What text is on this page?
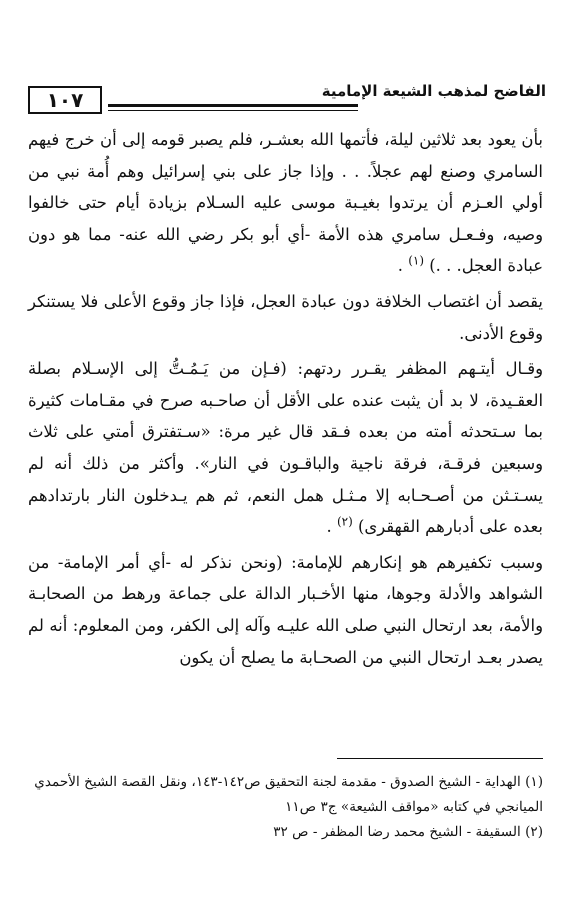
١٠٧	الفاضح لمذهب الشيعة الإمامية

بأن يعود بعد ثلاثين ليلة، فأتمها الله بعشـر، فلم يصبر قومه إلى أن خرج فيهم السامري وصنع لهم عجلاً. . . وإذا جاز على بني إسرائيل وهم أُمة نبي من أولي العـزم أن يرتدوا بغيـبة موسى عليه السـلام بزيادة أيام حتى خالفوا وصيه، وفـعـل سامري هذه الأمة -أي أبو بكر رضي الله عنه- مما هو دون عبادة العجل. . .) $^{(١)}$ .

يقصد أن اغتصاب الخلافة دون عبادة العجل، فإذا جاز وقوع الأعلى فلا يستنكر وقوع الأدنى.

وقـال أيتـهم المظفر يقـرر ردتهم: (فـإن من يَـمُـتُّ إلى الإسـلام بصلة العقـيدة، لا بد أن يثبت عنده على الأقل أن صاحـبه صرح في مقـامات كثيرة بما سـتحدثه أمته من بعده فـقد قال غير مرة: «سـتفترق أمتي على ثلاث وسبعين فرقـة، فرقة ناجية والباقـون في النار». وأكثر من ذلك أنه لم يسـتـثن من أصـحـابه إلا مـثـل همل النعم، ثم هم يـدخلون النار بارتدادهم بعده على أدبارهم القهقرى) $^{(٢)}$ .

وسبب تكفيرهم هو إنكارهم للإمامة: (ونحن نذكر له -أي أمر الإمامة- من الشواهد والأدلة وجوها، منها الأخـبار الدالة على جماعة ورهط من الصحابـة والأمة، بعد ارتحال النبي صلى الله عليـه وآله إلى الكفر، ومن المعلوم: أنه لم يصدر بعـد ارتحال النبي من الصحـابة ما يصلح أن يكون

(١) الهداية - الشيخ الصدوق - مقدمة لجنة التحقيق ص١٤٢-١٤٣، ونقل القصة الشيخ الأحمدي الميانجي في كتابه «مواقف الشيعة» ج٣ ص١١

(٢) السقيفة - الشيخ محمد رضا المظفر - ص ٣٢
